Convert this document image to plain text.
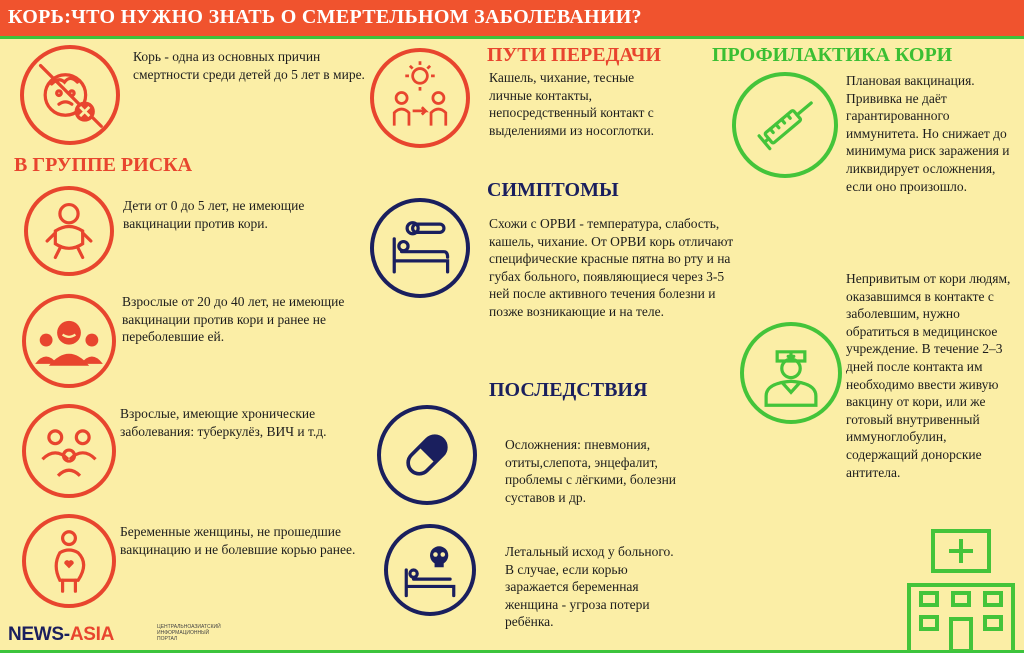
КОРЬ:ЧТО НУЖНО ЗНАТЬ О СМЕРТЕЛЬНОМ ЗАБОЛЕВАНИИ?
Корь - одна из основных причин смертности среди детей до 5 лет в мире.
В ГРУППЕ РИСКА
Дети от 0 до 5 лет, не имеющие вакцинации против кори.
Взрослые от 20 до 40 лет, не имеющие вакцинации против кори и ранее не переболевшие ей.
Взрослые, имеющие хронические заболевания: туберкулёз, ВИЧ и т.д.
Беременные женщины, не прошедшие вакцинацию и не болевшие корью ранее.
ПУТИ ПЕРЕДАЧИ
Кашель, чихание, тесные личные контакты, непосредственный контакт с выделениями из носоглотки.
СИМПТОМЫ
Схожи с ОРВИ - температура, слабость, кашель, чихание. От ОРВИ корь отличают специфические красные пятна во рту и на губах больного, появляющиеся через 3-5 ней после активного течения болезни и позже возникающие и на теле.
ПОСЛЕДСТВИЯ
Осложнения: пневмония, отиты,слепота, энцефалит, проблемы с лёгкими, болезни суставов и др.
Летальный исход у больного. В случае, если корью заражается беременная женщина - угроза потери ребёнка.
ПРОФИЛАКТИКА КОРИ
Плановая вакцинация. Прививка не даёт гарантированного иммунитета. Но снижает до минимума риск заражения и ликвидирует осложнения, если оно произошло.
Непривитым от кори людям, оказавшимся в контакте с заболевшим, нужно обратиться в медицинское учреждение. В течение 2–3 дней после контакта им необходимо ввести живую вакцину от кори, или же готовый внутривенный иммуноглобулин, содержащий донорские антитела.
NEWS-ASIA	ЦЕНТРАЛЬНОАЗИАТСКИЙ ИНФОРМАЦИОННЫЙ ПОРТАЛ
